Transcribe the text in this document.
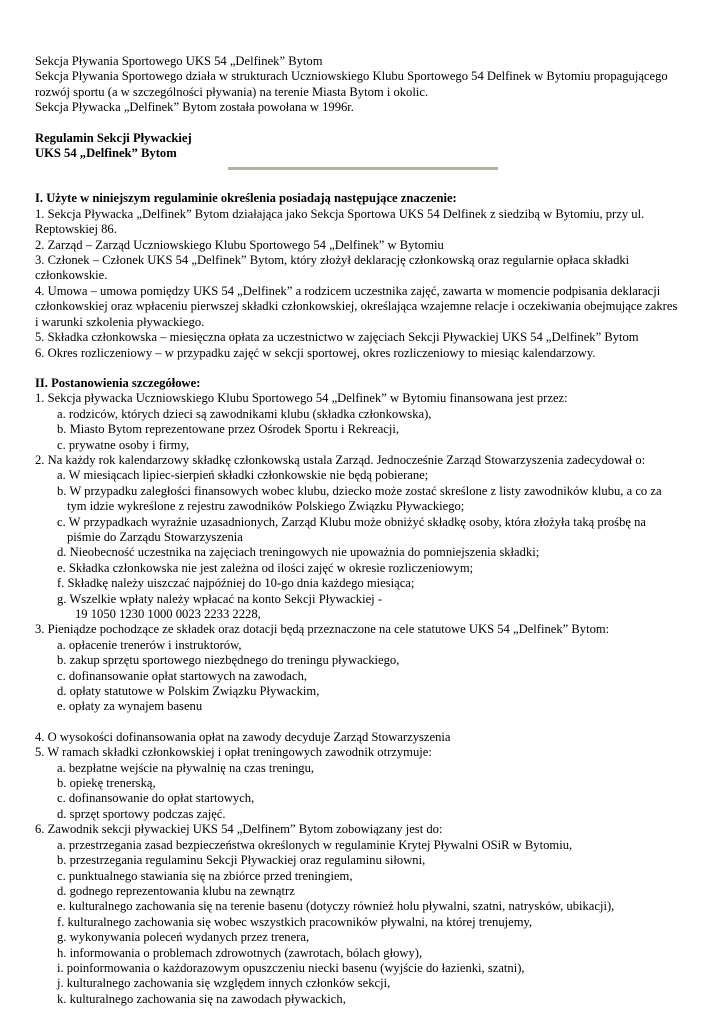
Sekcja Pływania Sportowego UKS 54 „Delfinek” Bytom
Sekcja Pływania Sportowego działa w strukturach Uczniowskiego Klubu Sportowego 54 Delfinek w Bytomiu propagującego
rozwój sportu (a w szczególności pływania) na terenie Miasta Bytom i okolic.
Sekcja Pływacka „Delfinek” Bytom została powołana w 1996r.
Regulamin Sekcji Pływackiej
UKS 54 „Delfinek” Bytom
I. Użyte w niniejszym regulaminie określenia posiadają następujące znaczenie:
1. Sekcja Pływacka „Delfinek” Bytom działająca jako Sekcja Sportowa UKS 54 Delfinek z siedzibą w Bytomiu, przy ul.
Reptowskiej 86.
2. Zarząd – Zarząd Uczniowskiego Klubu Sportowego 54 „Delfinek” w Bytomiu
3. Członek – Członek UKS 54 „Delfinek” Bytom, który złożył deklarację członkowską oraz regularnie opłaca składki
członkowskie.
4. Umowa – umowa pomiędzy UKS 54 „Delfinek” a rodzicem uczestnika zajęć, zawarta w momencie podpisania deklaracji
członkowskiej oraz wpłaceniu pierwszej składki członkowskiej, określająca wzajemne relacje i oczekiwania obejmujące zakres
i warunki szkolenia pływackiego.
5. Składka członkowska – miesięczna opłata za uczestnictwo w zajęciach Sekcji Pływackiej UKS 54 „Delfinek” Bytom
6. Okres rozliczeniowy – w przypadku zajęć w sekcji sportowej, okres rozliczeniowy to miesiąc kalendarzowy.
II. Postanowienia szczegółowe:
1. Sekcja pływacka Uczniowskiego Klubu Sportowego 54 „Delfinek” w Bytomiu finansowana jest przez:
a. rodziców, których dzieci są zawodnikami klubu (składka członkowska),
b. Miasto Bytom reprezentowane przez Ośrodek Sportu i Rekreacji,
c. prywatne osoby i firmy,
2. Na każdy rok kalendarzowy składkę członkowską ustala Zarząd. Jednocześnie Zarząd Stowarzyszenia zadecydował o:
a. W miesiącach lipiec-sierpień składki członkowskie nie będą pobierane;
b. W przypadku zaległości finansowych wobec klubu, dziecko może zostać skreślone z listy zawodników klubu, a co za
tym idzie wykreślone z rejestru zawodników Polskiego Związku Pływackiego;
c. W przypadkach wyraźnie uzasadnionych, Zarząd Klubu może obniżyć składkę osoby, która złożyła taką prośbę na
piśmie do Zarządu Stowarzyszenia
d. Nieobecność uczestnika na zajęciach treningowych nie upoważnia do pomniejszenia składki;
e. Składka członkowska nie jest zależna od ilości zajęć w okresie rozliczeniowym;
f. Składkę należy uiszczać najpóźniej do 10-go dnia każdego miesiąca;
g. Wszelkie wpłaty należy wpłacać na konto Sekcji Pływackiej -
19 1050 1230 1000 0023 2233 2228,
3. Pieniądze pochodzące ze składek oraz dotacji będą przeznaczone na cele statutowe UKS 54 „Delfinek” Bytom:
a. opłacenie trenerów i instruktorów,
b. zakup sprzętu sportowego niezbędnego do treningu pływackiego,
c. dofinansowanie opłat startowych na zawodach,
d. opłaty statutowe w Polskim Związku Pływackim,
e. opłaty za wynajem basenu
4. O wysokości dofinansowania opłat na zawody decyduje Zarząd Stowarzyszenia
5. W ramach składki członkowskiej i opłat treningowych zawodnik otrzymuje:
a. bezpłatne wejście na pływalnię na czas treningu,
b. opiekę trenerską,
c. dofinansowanie do opłat startowych,
d. sprzęt sportowy podczas zajęć.
6. Zawodnik sekcji pływackiej UKS 54 „Delfinem” Bytom zobowiązany jest do:
a. przestrzegania zasad bezpieczeństwa określonych w regulaminie Krytej Pływalni OSiR w Bytomiu,
b. przestrzegania regulaminu Sekcji Pływackiej oraz regulaminu siłowni,
c. punktualnego stawiania się na zbiórce przed treningiem,
d. godnego reprezentowania klubu na zewnątrz
e. kulturalnego zachowania się na terenie basenu (dotyczy również holu pływalni, szatni, natrysków, ubikacji),
f. kulturalnego zachowania się wobec wszystkich pracowników pływalni, na której trenujemy,
g. wykonywania poleceń wydanych przez trenera,
h. informowania o problemach zdrowotnych (zawrotach, bólach głowy),
i. poinformowania o każdorazowym opuszczeniu niecki basenu (wyjście do łazienki, szatni),
j. kulturalnego zachowania się względem innych członków sekcji,
k. kulturalnego zachowania się na zawodach pływackich,
